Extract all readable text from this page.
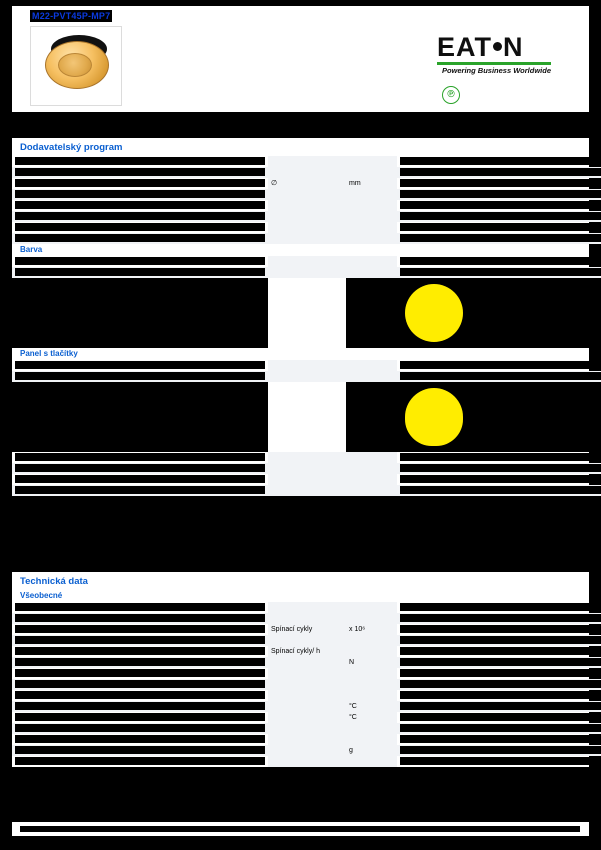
M22-PVT45P-MP7
EAT N
Powering Business Worldwide
℗
Dodavatelský program

	∅	mm	

Barva

Panel s tlačítky

Technická data
Všeobecné

	Spínací cykly	x 10⁶	

	Spínací cykly/ h		

		N	

		°C	

		°C	

		g	
